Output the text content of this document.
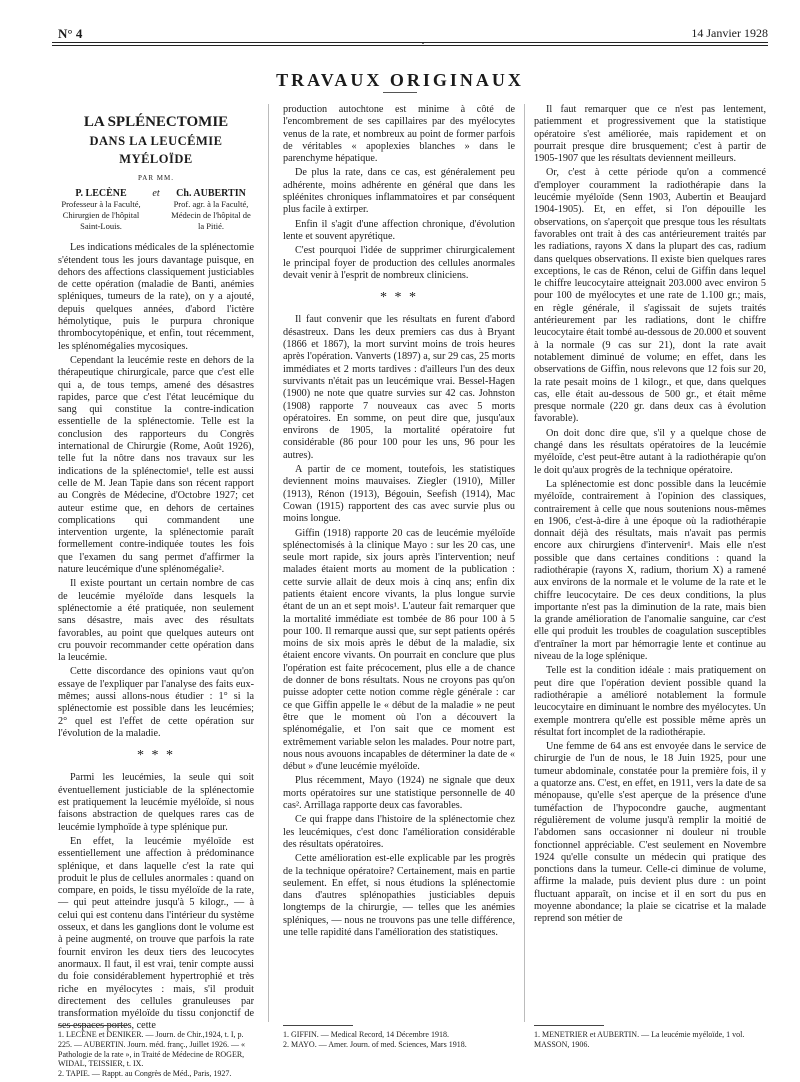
N° 4	14 Janvier 1928
TRAVAUX ORIGINAUX
LA SPLÉNECTOMIE
DANS LA LEUCÉMIE MYÉLOÏDE
PAR MM.
P. LECÈNE
Professeur à la Faculté, Chirurgien de l'hôpital Saint-Louis.
et	Ch. AUBERTIN
Prof. agr. à la Faculté, Médecin de l'hôpital de la Pitié.

Les indications médicales de la splénectomie s'étendent tous les jours davantage puisque, en dehors des affections classiquement justiciables de cette opération (maladie de Banti, anémies spléniques, tumeurs de la rate), on y a ajouté, depuis quelques années, d'abord l'ictère hémolytique, puis le purpura chronique thrombocytopénique, et enfin, tout récemment, les splénomégalies mycosiques.

Cependant la leucémie reste en dehors de la thérapeutique chirurgicale, parce que c'est elle qui a, de tous temps, amené des désastres rapides, parce que c'est l'état leucémique du sang qui constitue la contre-indication essentielle de la splénectomie. Telle est la conclusion des rapporteurs du Congrès international de Chirurgie (Rome, Août 1926), telle fut la nôtre dans nos travaux sur les indications de la splénectomie¹, telle est aussi celle de M. Jean Tapie dans son récent rapport au Congrès de Médecine, d'Octobre 1927; cet auteur estime que, en dehors de certaines complications qui commandent une intervention urgente, la splénectomie paraît formellement contre-indiquée toutes les fois que l'examen du sang permet d'affirmer la nature leucémique d'une splénomégalie².

Il existe pourtant un certain nombre de cas de leucémie myéloïde dans lesquels la splénectomie a été pratiquée, non seulement sans désastre, mais avec des résultats favorables, au point que quelques auteurs ont cru pouvoir recommander cette opération dans la leucémie.

Cette discordance des opinions vaut qu'on essaye de l'expliquer par l'analyse des faits eux-mêmes; aussi allons-nous étudier : 1° si la splénectomie est possible dans les leucémies; 2° quel est l'effet de cette opération sur l'évolution de la maladie.

* * *

Parmi les leucémies, la seule qui soit éventuellement justiciable de la splénectomie est pratiquement la leucémie myéloïde, si nous faisons abstraction de quelques rares cas de leucémie lymphoïde à type splénique pur.

En effet, la leucémie myéloïde est essentiellement une affection à prédominance splénique, et dans laquelle c'est la rate qui produit le plus de cellules anormales : quand on compare, en poids, le tissu myéloïde de la rate, — qui peut atteindre jusqu'à 5 kilogr., — à celui qui est contenu dans l'intérieur du système osseux, et dans les ganglions dont le volume est à peine augmenté, on trouve que parfois la rate fournit environ les deux tiers des leucocytes anormaux. Il faut, il est vrai, tenir compte aussi du foie considérablement hypertrophié et très riche en myélocytes : mais, s'il produit directement des cellules granuleuses par transformation myéloïde du tissu conjonctif de ses espaces portes, cette

production autochtone est minime à côté de l'encombrement de ses capillaires par des myélocytes venus de la rate, et nombreux au point de former parfois de véritables « apoplexies blanches » dans le parenchyme hépatique.

De plus la rate, dans ce cas, est généralement peu adhérente, moins adhérente en général que dans les spléénites chroniques inflammatoires et par conséquent plus facile à extirper.

Enfin il s'agit d'une affection chronique, d'évolution lente et souvent apyrétique.

C'est pourquoi l'idée de supprimer chirurgicalement le principal foyer de production des cellules anormales devait venir à l'esprit de nombreux cliniciens.

* * *

Il faut convenir que les résultats en furent d'abord désastreux. Dans les deux premiers cas dus à Bryant (1866 et 1867), la mort survint moins de trois heures après l'opération. Vanverts (1897) a, sur 29 cas, 25 morts immédiates et 2 morts tardives : d'ailleurs l'un des deux survivants n'était pas un leucémique vrai. Bessel-Hagen (1900) ne note que quatre survies sur 42 cas. Johnston (1908) rapporte 7 nouveaux cas avec 5 morts opératoires. En somme, on peut dire que, jusqu'aux environs de 1905, la mortalité opératoire fut considérable (86 pour 100 pour les uns, 96 pour les autres).

A partir de ce moment, toutefois, les statistiques deviennent moins mauvaises. Ziegler (1910), Miller (1913), Rénon (1913), Bégouin, Seefish (1914), Mac Cowan (1915) rapportent des cas avec survie plus ou moins longue.

Giffin (1918) rapporte 20 cas de leucémie myéloïde splénectomisés à la clinique Mayo : sur les 20 cas, une seule mort rapide, six jours après l'intervention; neuf malades étaient morts au moment de la publication : cette survie allait de deux mois à cinq ans; enfin dix patients étaient encore vivants, la plus longue survie étant de un an et sept mois¹. L'auteur fait remarquer que la mortalité immédiate est tombée de 86 pour 100 à 5 pour 100. Il remarque aussi que, sur sept patients opérés moins de six mois après le début de la maladie, six étaient encore vivants. On pourrait en conclure que plus l'opération est faite précocement, plus elle a de chance de donner de bons résultats. Nous ne croyons pas qu'on puisse adopter cette notion comme règle générale : car ce que Giffin appelle le « début de la maladie » ne peut être que le moment où l'on a découvert la splénomégalie, et l'on sait que ce moment est extrêmement variable selon les malades. Pour notre part, nous nous avouons incapables de déterminer la date de « début » d'une leucémie myéloïde.

Plus récemment, Mayo (1924) ne signale que deux morts opératoires sur une statistique personnelle de 40 cas². Arrillaga rapporte deux cas favorables.

Ce qui frappe dans l'histoire de la splénectomie chez les leucémiques, c'est donc l'amélioration considérable des résultats opératoires.

Cette amélioration est-elle explicable par les progrès de la technique opératoire? Certainement, mais en partie seulement. En effet, si nous étudions la splénectomie dans d'autres splénopathies justiciables depuis longtemps de la chirurgie, — telles que les anémies spléniques, — nous ne trouvons pas une telle différence, une telle rapidité dans l'amélioration des statistiques.

Il faut remarquer que ce n'est pas lentement, patiemment et progressivement que la statistique opératoire s'est améliorée, mais rapidement et on pourrait presque dire brusquement; c'est à partir de 1905-1907 que les résultats deviennent meilleurs.

Or, c'est à cette période qu'on a commencé d'employer couramment la radiothérapie dans la leucémie myéloïde (Senn 1903, Aubertin et Beaujard 1904-1905). Et, en effet, si l'on dépouille les observations, on s'aperçoit que presque tous les résultats favorables ont trait à des cas antérieurement traités par les radiations, rayons X dans la plupart des cas, radium dans quelques observations. Il existe bien quelques rares exceptions, le cas de Rénon, celui de Giffin dans lequel le chiffre leucocytaire atteignait 203.000 avec environ 5 pour 100 de myélocytes et une rate de 1.100 gr.; mais, en règle générale, il s'agissait de sujets traités antérieurement par les radiations, dont le chiffre leucocytaire était tombé au-dessous de 20.000 et souvent à la normale (9 cas sur 21), dont la rate avait notablement diminué de volume; en effet, dans les observations de Giffin, nous relevons que 12 fois sur 20, la rate pesait moins de 1 kilogr., et que, dans quelques cas, elle était au-dessous de 500 gr., et était même presque normale (220 gr. dans deux cas à évolution favorable).

On doit donc dire que, s'il y a quelque chose de changé dans les résultats opératoires de la leucémie myéloïde, c'est peut-être autant à la radiothérapie qu'on le doit qu'aux progrès de la technique opératoire.

La splénectomie est donc possible dans la leucémie myéloïde, contrairement à l'opinion des classiques, contrairement à celle que nous soutenions nous-mêmes en 1906, c'est-à-dire à une époque où la radiothérapie donnait déjà des résultats, mais n'avait pas permis encore aux chirurgiens d'intervenir¹. Mais elle n'est possible que dans certaines conditions : quand la radiothérapie (rayons X, radium, thorium X) a ramené aux environs de la normale et le volume de la rate et le chiffre leucocytaire. De ces deux conditions, la plus importante n'est pas la diminution de la rate, mais bien la grande amélioration de l'anomalie sanguine, car c'est elle qui produit les troubles de coagulation susceptibles d'entraîner la mort par hémorragie lente et continue au niveau de la loge splénique.

Telle est la condition idéale : mais pratiquement on peut dire que l'opération devient possible quand la radiothérapie a amélioré notablement la formule leucocytaire en diminuant le nombre des myélocytes. Un exemple montrera qu'elle est possible même après un résultat fort incomplet de la radiothérapie.

Une femme de 64 ans est envoyée dans le service de chirurgie de l'un de nous, le 18 Juin 1925, pour une tumeur abdominale, constatée pour la première fois, il y a quatorze ans. C'est, en effet, en 1911, vers la date de sa ménopause, qu'elle s'est aperçue de la présence d'une tuméfaction de l'hypocondre gauche, augmentant régulièrement de volume jusqu'à remplir la moitié de l'abdomen sans occasionner ni douleur ni trouble fonctionnel appréciable. C'est seulement en Novembre 1924 qu'elle consulte un médecin qui pratique des ponctions dans la tumeur. Celle-ci diminue de volume, affirme la malade, puis devient plus dure : un point fluctuant apparaît, on incise et il en sort du pus en moyenne abondance; la plaie se cicatrise et la malade reprend son métier de

1. LECÈNE et DENIKER. — Journ. de Chir.,1924, t. I, p. 225. — AUBERTIN. Journ. méd. franç., Juillet 1926. — « Pathologie de la rate », in Traité de Médecine de ROGER, WIDAL, TEISSIER, t. IX.
2. TAPIE. — Rappt. au Congrès de Méd., Paris, 1927.
1. GIFFIN. — Medical Record, 14 Décembre 1918.
2. MAYO. — Amer. Journ. of med. Sciences, Mars 1918.
1. MENETRIER et AUBERTIN. — La leucémie myéloïde, 1 vol. MASSON, 1906.
